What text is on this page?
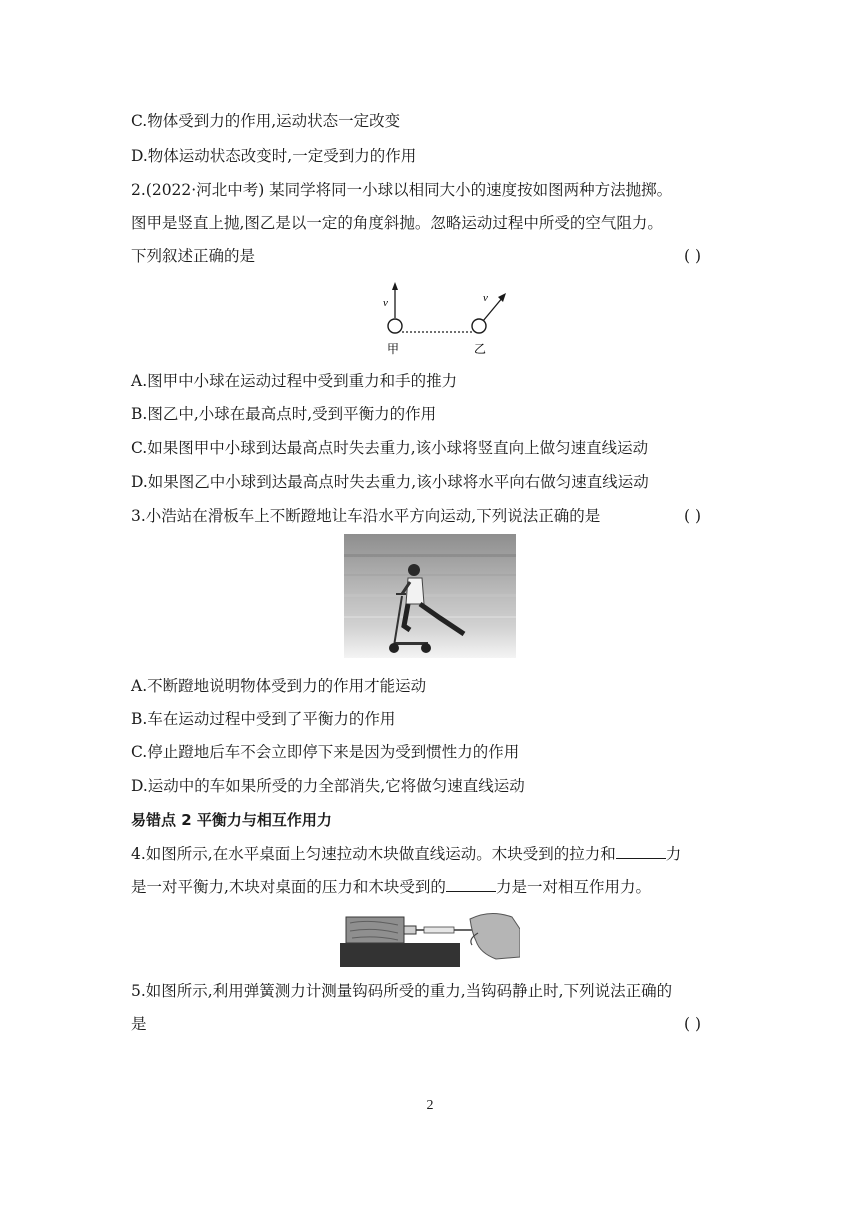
C.物体受到力的作用,运动状态一定改变
D.物体运动状态改变时,一定受到力的作用
2.(2022·河北中考) 某同学将同一小球以相同大小的速度按如图两种方法抛掷。
图甲是竖直上抛,图乙是以一定的角度斜抛。忽略运动过程中所受的空气阻力。
下列叙述正确的是	( )
v	v
甲	乙
A.图甲中小球在运动过程中受到重力和手的推力
B.图乙中,小球在最高点时,受到平衡力的作用
C.如果图甲中小球到达最高点时失去重力,该小球将竖直向上做匀速直线运动
D.如果图乙中小球到达最高点时失去重力,该小球将水平向右做匀速直线运动
3.小浩站在滑板车上不断蹬地让车沿水平方向运动,下列说法正确的是	( )
A.不断蹬地说明物体受到力的作用才能运动
B.车在运动过程中受到了平衡力的作用
C.停止蹬地后车不会立即停下来是因为受到惯性力的作用
D.运动中的车如果所受的力全部消失,它将做匀速直线运动
易错点 2 平衡力与相互作用力
4.如图所示,在水平桌面上匀速拉动木块做直线运动。木块受到的拉力和	力
是一对平衡力,木块对桌面的压力和木块受到的	力是一对相互作用力。
5.如图所示,利用弹簧测力计测量钩码所受的重力,当钩码静止时,下列说法正确的
是	( )
2
